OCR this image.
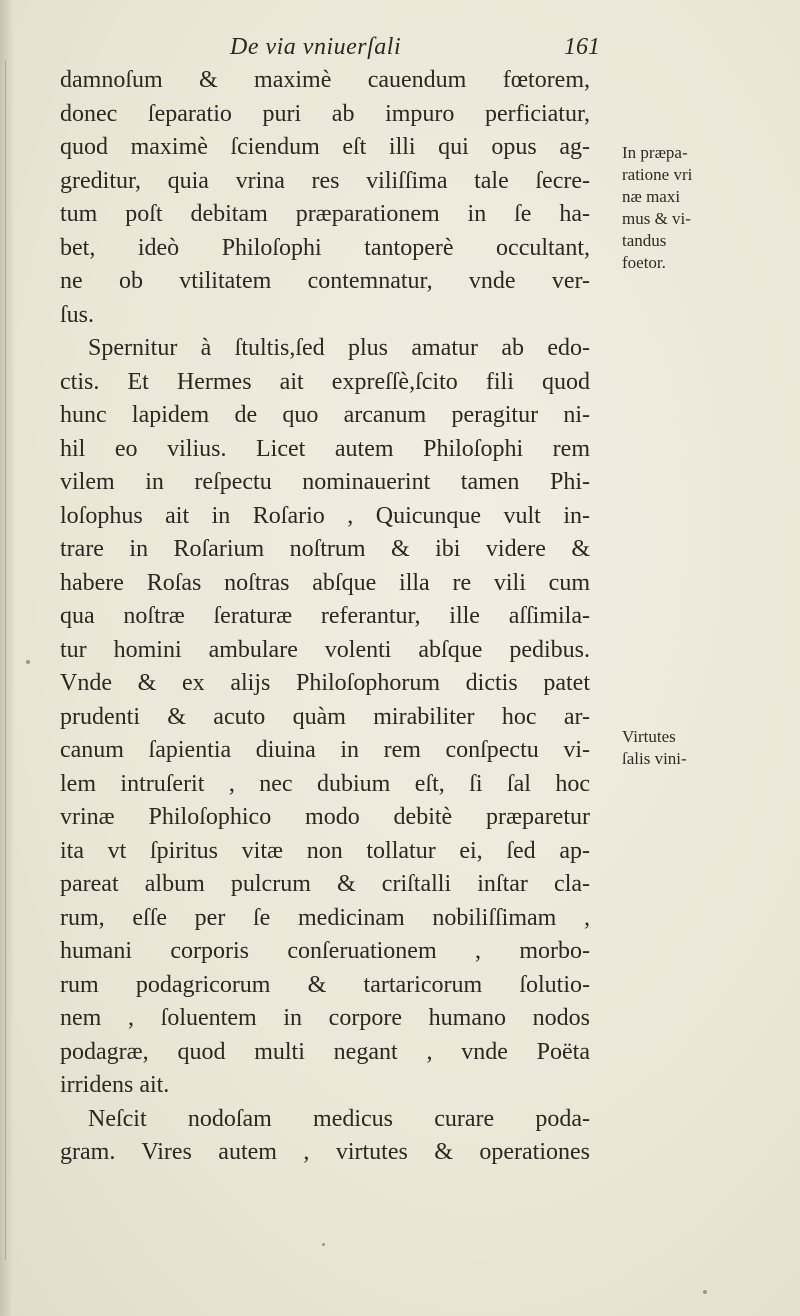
De via vniuerſali	161
damnoſum & maximè cauendum fœtorem,
donec ſeparatio puri ab impuro perficiatur,
quod maximè ſciendum eſt illi qui opus ag-
greditur, quia vrina res viliſſima tale ſecre-
tum poſt debitam præparationem in ſe ha-
bet, ideò Philoſophi tantoperè occultant,
ne ob vtilitatem contemnatur, vnde ver-
ſus.
Spernitur à ſtultis,ſed plus amatur ab edo-
ctis. Et Hermes ait expreſſè,ſcito fili quod
hunc lapidem de quo arcanum peragitur ni-
hil eo vilius. Licet autem Philoſophi rem
vilem in reſpectu nominauerint tamen Phi-
loſophus ait in Roſario , Quicunque vult in-
trare in Roſarium noſtrum & ibi videre &
habere Roſas noſtras abſque illa re vili cum
qua noſtræ ſeraturæ referantur, ille aſſimila-
tur homini ambulare volenti abſque pedibus.
Vnde & ex alijs Philoſophorum dictis patet
prudenti & acuto quàm mirabiliter hoc ar-
canum ſapientia diuina in rem conſpectu vi-
lem intruſerit , nec dubium eſt, ſi ſal hoc
vrinæ Philoſophico modo debitè præparetur
ita vt ſpiritus vitæ non tollatur ei, ſed ap-
pareat album pulcrum & criſtalli inſtar cla-
rum, eſſe per ſe medicinam nobiliſſimam ,
humani corporis conſeruationem , morbo-
rum podagricorum & tartaricorum ſolutio-
nem , ſoluentem in corpore humano nodos
podagræ, quod multi negant , vnde Poëta
irridens ait.
Neſcit nodoſam medicus curare poda-
gram. Vires autem , virtutes & operationes
In præpa-
ratione vri
næ maxi
mus & vi-
tandus
foetor.
Virtutes
ſalis vini-
